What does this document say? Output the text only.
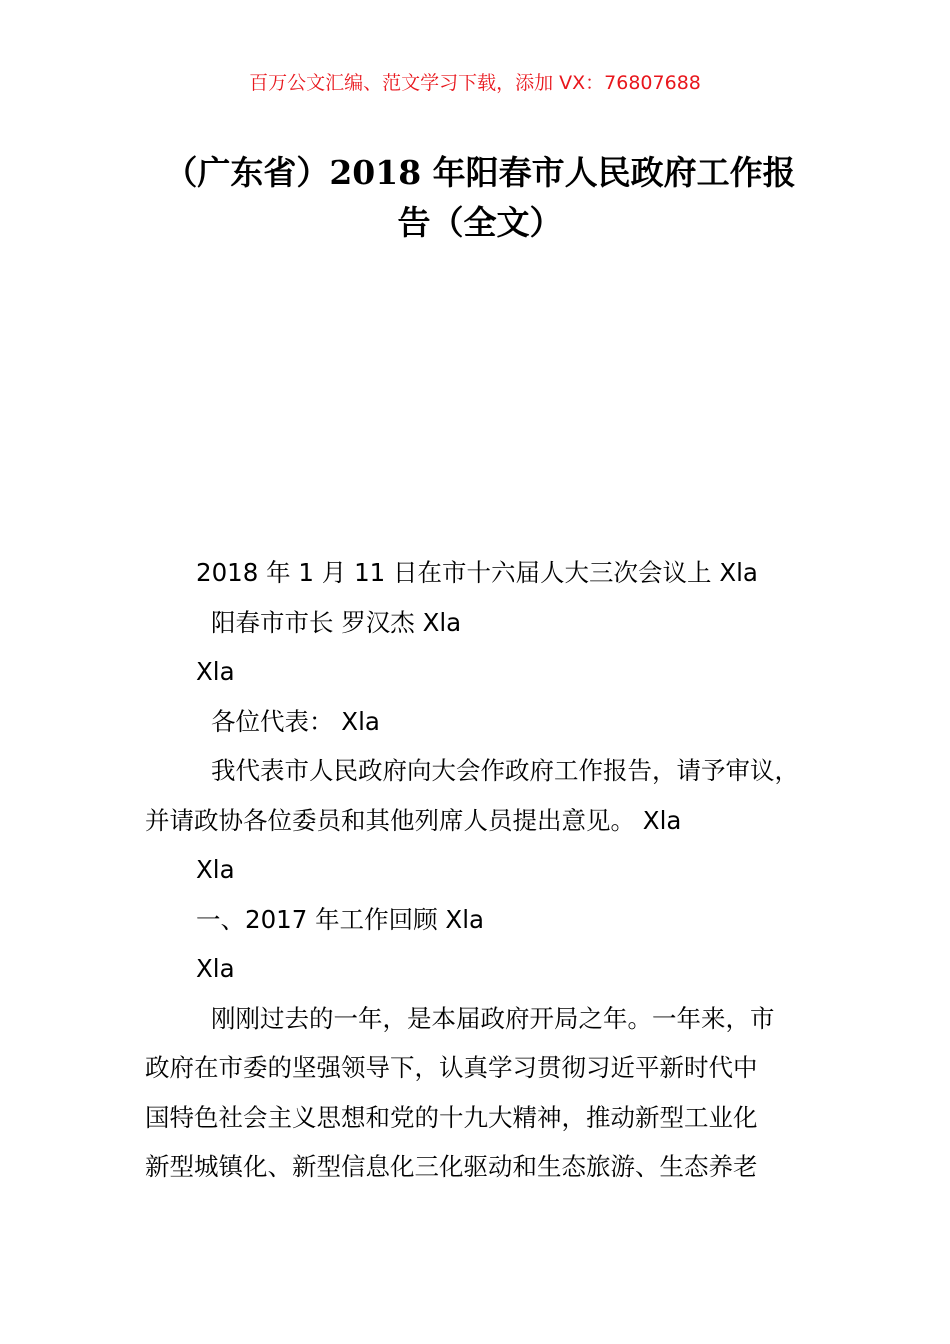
百万公文汇编、范文学习下载，添加 VX：76807688
（广东省）2018 年阳春市人民政府工作报
告（全文）
2018 年 1 月 11 日在市十六届人大三次会议上 Xla
阳春市市长 罗汉杰 Xla
Xla
各位代表： Xla
我代表市人民政府向大会作政府工作报告，请予审议，
并请政协各位委员和其他列席人员提出意见。 Xla
Xla
一、2017 年工作回顾 Xla
Xla
刚刚过去的一年，是本届政府开局之年。一年来，市
政府在市委的坚强领导下，认真学习贯彻习近平新时代中
国特色社会主义思想和党的十九大精神，推动新型工业化
新型城镇化、新型信息化三化驱动和生态旅游、生态养老
